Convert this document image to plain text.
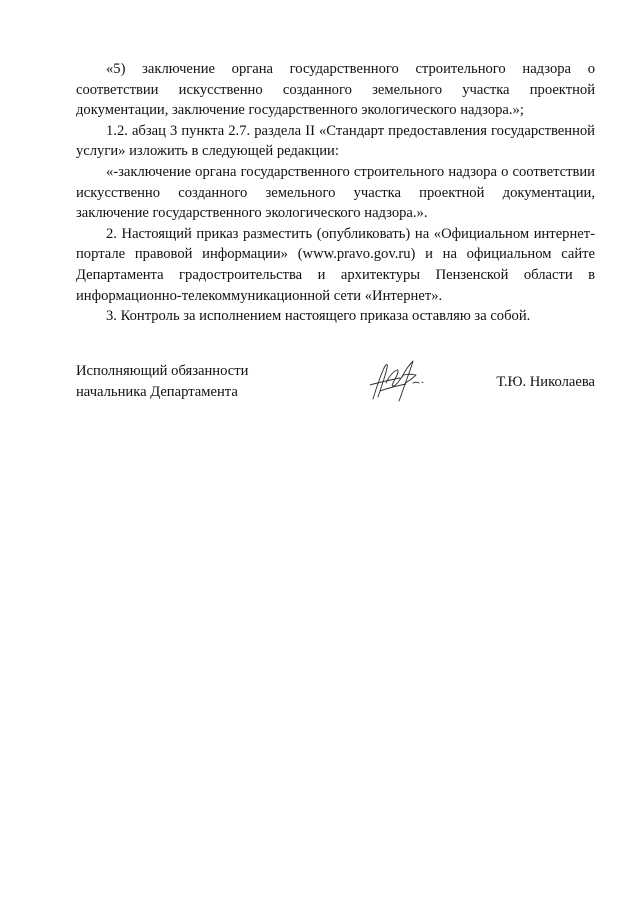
«5) заключение органа государственного строительного надзора о соответствии искусственно созданного земельного участка проектной документации, заключение государственного экологического надзора.»;

1.2. абзац 3 пункта 2.7. раздела II «Стандарт предоставления государственной услуги» изложить в следующей редакции:

«-заключение органа государственного строительного надзора о соответствии искусственно созданного земельного участка проектной документации, заключение государственного экологического надзора.».

2. Настоящий приказ разместить (опубликовать) на «Официальном интернет-портале правовой информации» (www.pravo.gov.ru) и на официальном сайте Департамента градостроительства и архитектуры Пензенской области в информационно-телекоммуникационной сети «Интернет».

3. Контроль за исполнением настоящего приказа оставляю за собой.

Исполняющий обязанности
начальника Департамента
Т.Ю. Николаева
